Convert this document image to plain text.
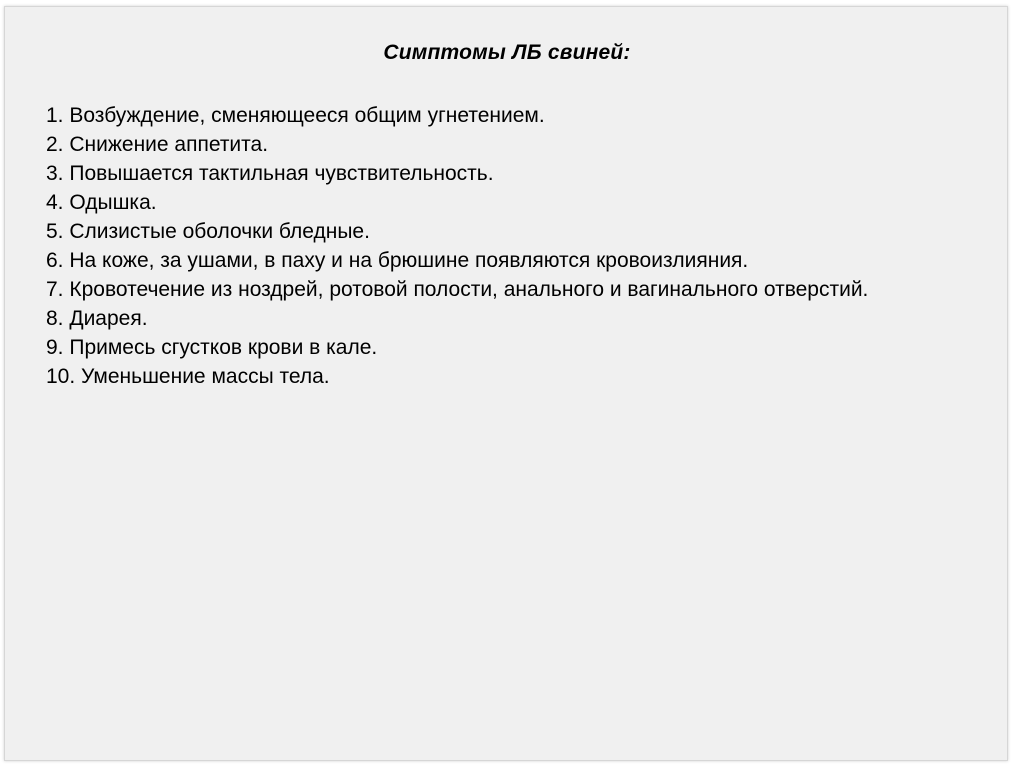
Симптомы ЛБ свиней:
1. Возбуждение, сменяющееся общим угнетением.
2. Снижение аппетита.
3. Повышается тактильная чувствительность.
4. Одышка.
5. Слизистые оболочки бледные.
6. На коже, за ушами, в паху и на брюшине появляются кровоизлияния.
7. Кровотечение из ноздрей, ротовой полости, анального и вагинального отверстий.
8. Диарея.
9. Примесь сгустков крови в кале.
10. Уменьшение массы тела.
